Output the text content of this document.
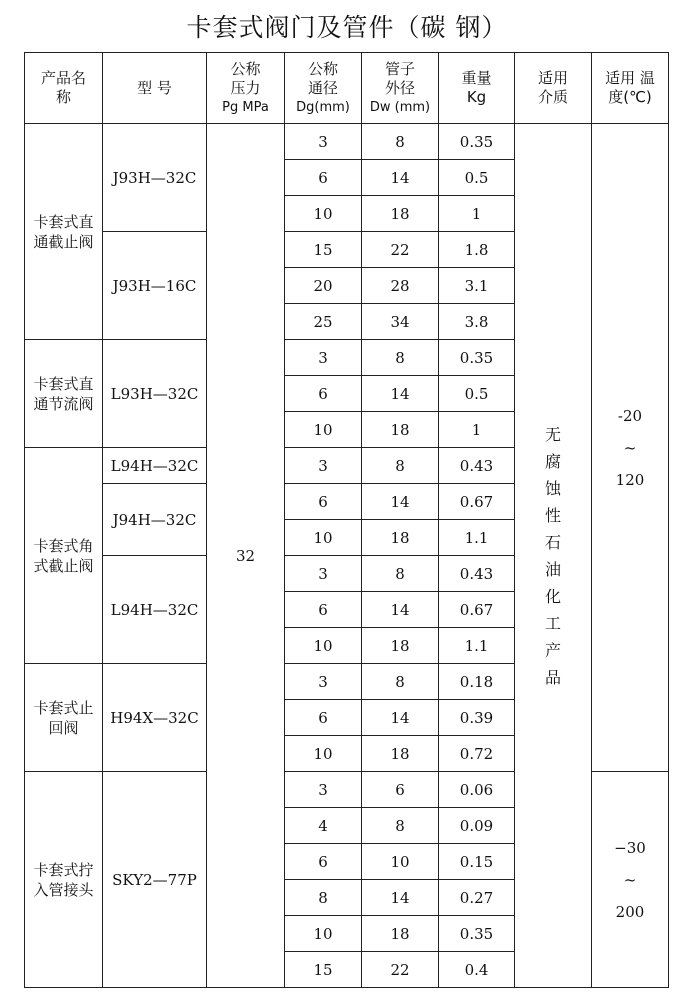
卡套式阀门及管件（碳 钢）
产品名称	型 号	公称
压力
Pg MPa	公称
通径
Dg(mm)	管子
外径
Dw (mm)	重量
Kg	适用
介质	适用 温
度(℃)

卡套式直通截止阀	J93H—32C	32	3	8	0.35	无腐蚀性石油化工产品	-20
~
120

			6	14	0.5		
			10	18	1		
	J93H—16C		15	22	1.8		
			20	28	3.1		
			25	34	3.8		

卡套式直通节流阀	L93H—32C		3	8	0.35		
			6	14	0.5		
			10	18	1		

卡套式角式截止阀	L94H—32C		3	8	0.43		
	J94H—32C		6	14	0.67		
			10	18	1.1		
	L94H—32C		3	8	0.43		
			6	14	0.67		
			10	18	1.1		

卡套式止回阀	H94X—32C		3	8	0.18		
			6	14	0.39		
			10	18	0.72		

卡套式拧入管接头	SKY2—77P		3	6	0.06		−30
~
200

			4	8	0.09		
			6	10	0.15		
			8	14	0.27		
			10	18	0.35		
			15	22	0.4		
